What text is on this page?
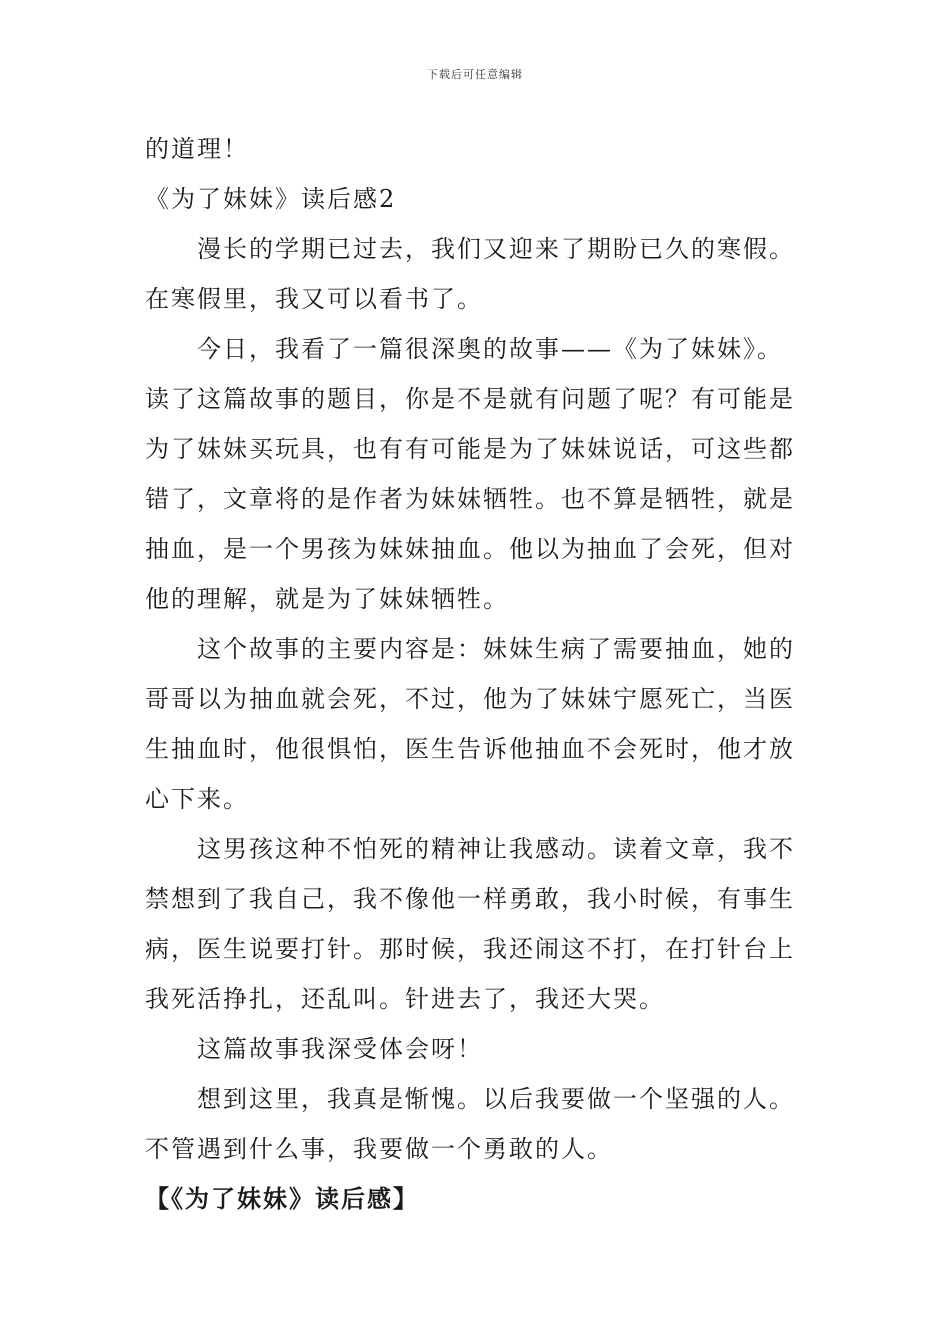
下载后可任意编辑
的道理！
《为了妹妹》读后感2
漫长的学期已过去，我们又迎来了期盼已久的寒假。
在寒假里，我又可以看书了。
今日，我看了一篇很深奥的故事——《为了妹妹》。
读了这篇故事的题目，你是不是就有问题了呢？有可能是
为了妹妹买玩具，也有有可能是为了妹妹说话，可这些都
错了，文章将的是作者为妹妹牺牲。也不算是牺牲，就是
抽血，是一个男孩为妹妹抽血。他以为抽血了会死，但对
他的理解，就是为了妹妹牺牲。
这个故事的主要内容是：妹妹生病了需要抽血，她的
哥哥以为抽血就会死，不过，他为了妹妹宁愿死亡，当医
生抽血时，他很惧怕，医生告诉他抽血不会死时，他才放
心下来。
这男孩这种不怕死的精神让我感动。读着文章，我不
禁想到了我自己，我不像他一样勇敢，我小时候，有事生
病，医生说要打针。那时候，我还闹这不打，在打针台上
我死活挣扎，还乱叫。针进去了，我还大哭。
这篇故事我深受体会呀！
想到这里，我真是惭愧。以后我要做一个坚强的人。
不管遇到什么事，我要做一个勇敢的人。
【《为了妹妹》读后感】
